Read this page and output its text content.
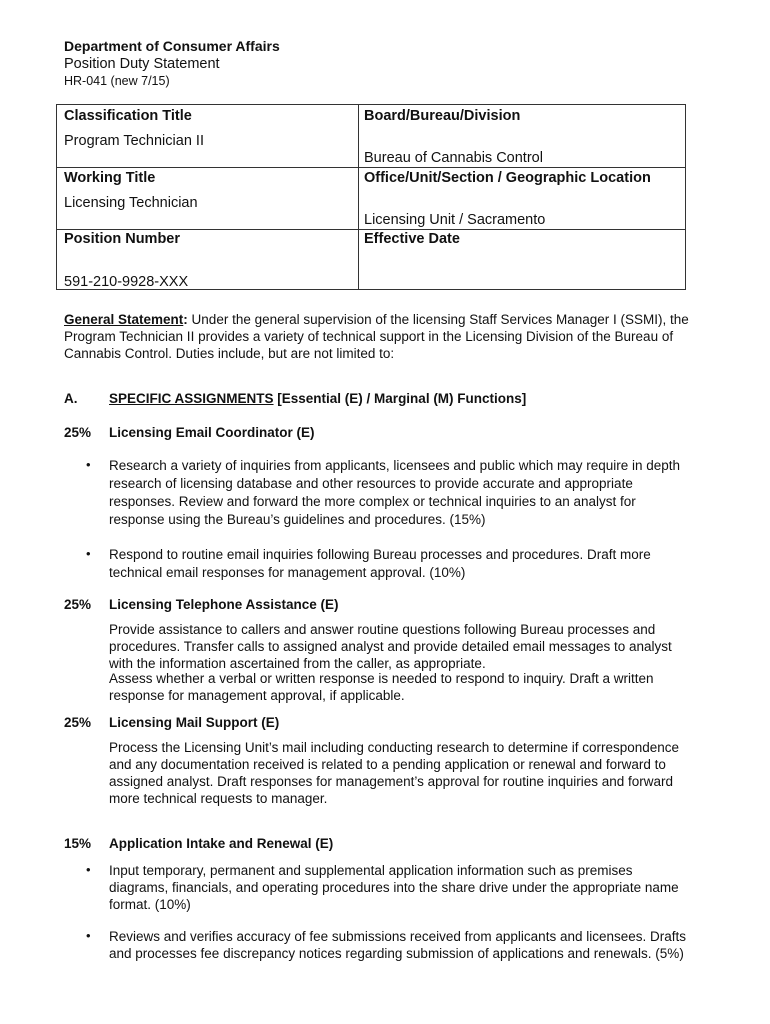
Department of Consumer Affairs
Position Duty Statement
HR-041 (new 7/15)
Classification Title
Program Technician II
Working Title
Licensing Technician
Position Number
591-210-9928-XXX
Board/Bureau/Division
Bureau of Cannabis Control
Office/Unit/Section / Geographic Location
Licensing Unit / Sacramento
Effective Date
General Statement: Under the general supervision of the licensing Staff Services Manager I (SSMI), the Program Technician II provides a variety of technical support in the Licensing Division of the Bureau of Cannabis Control. Duties include, but are not limited to:
A. SPECIFIC ASSIGNMENTS [Essential (E) / Marginal (M) Functions]
25% Licensing Email Coordinator (E)
• Research a variety of inquiries from applicants, licensees and public which may require in depth research of licensing database and other resources to provide accurate and appropriate responses. Review and forward the more complex or technical inquiries to an analyst for response using the Bureau’s guidelines and procedures. (15%)
• Respond to routine email inquiries following Bureau processes and procedures. Draft more technical email responses for management approval. (10%)
25% Licensing Telephone Assistance (E)
Provide assistance to callers and answer routine questions following Bureau processes and procedures. Transfer calls to assigned analyst and provide detailed email messages to analyst with the information ascertained from the caller, as appropriate.
Assess whether a verbal or written response is needed to respond to inquiry. Draft a written response for management approval, if applicable.
25% Licensing Mail Support (E)
Process the Licensing Unit’s mail including conducting research to determine if correspondence and any documentation received is related to a pending application or renewal and forward to assigned analyst. Draft responses for management’s approval for routine inquiries and forward more technical requests to manager.
15% Application Intake and Renewal (E)
• Input temporary, permanent and supplemental application information such as premises diagrams, financials, and operating procedures into the share drive under the appropriate name format. (10%)
• Reviews and verifies accuracy of fee submissions received from applicants and licensees. Drafts and processes fee discrepancy notices regarding submission of applications and renewals. (5%)
